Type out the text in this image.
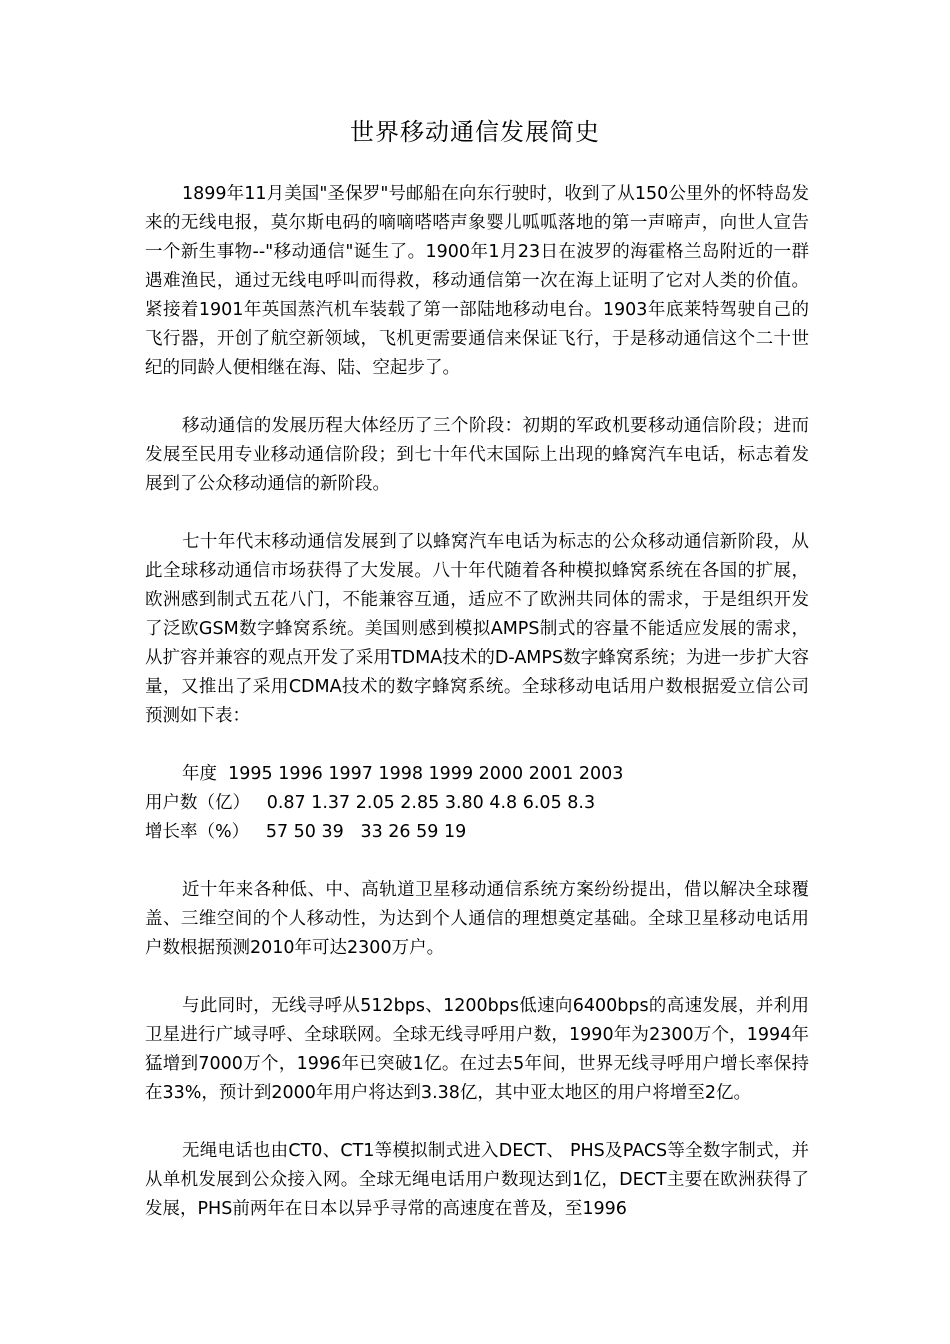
世界移动通信发展简史

1899年11月美国"圣保罗"号邮船在向东行驶时，收到了从150公里外的怀特岛发来的无线电报，莫尔斯电码的嘀嘀嗒嗒声象婴儿呱呱落地的第一声啼声，向世人宣告一个新生事物--"移动通信"诞生了。1900年1月23日在波罗的海霍格兰岛附近的一群遇难渔民，通过无线电呼叫而得救，移动通信第一次在海上证明了它对人类的价值。紧接着1901年英国蒸汽机车装载了第一部陆地移动电台。1903年底莱特驾驶自己的飞行器，开创了航空新领域，飞机更需要通信来保证飞行，于是移动通信这个二十世纪的同龄人便相继在海、陆、空起步了。

移动通信的发展历程大体经历了三个阶段：初期的军政机要移动通信阶段；进而发展至民用专业移动通信阶段；到七十年代末国际上出现的蜂窝汽车电话，标志着发展到了公众移动通信的新阶段。

七十年代末移动通信发展到了以蜂窝汽车电话为标志的公众移动通信新阶段，从此全球移动通信市场获得了大发展。八十年代随着各种模拟蜂窝系统在各国的扩展，欧洲感到制式五花八门，不能兼容互通，适应不了欧洲共同体的需求，于是组织开发了泛欧GSM数字蜂窝系统。美国则感到模拟AMPS制式的容量不能适应发展的需求，从扩容并兼容的观点开发了采用TDMA技术的D-AMPS数字蜂窝系统；为进一步扩大容量，又推出了采用CDMA技术的数字蜂窝系统。全球移动电话用户数根据爱立信公司预测如下表：

年度
1995 1996 1997 1998 1999 2000 2001 2003
用户数（亿）
0.87 1.37 2.05 2.85 3.80 4.8 6.05 8.3
增长率（%）
57 50 39   33 26 59 19

近十年来各种低、中、高轨道卫星移动通信系统方案纷纷提出，借以解决全球覆盖、三维空间的个人移动性，为达到个人通信的理想奠定基础。全球卫星移动电话用户数根据预测2010年可达2300万户。

与此同时，无线寻呼从512bps、1200bps低速向6400bps的高速发展，并利用卫星进行广域寻呼、全球联网。全球无线寻呼用户数，1990年为2300万个，1994年猛增到7000万个，1996年已突破1亿。在过去5年间，世界无线寻呼用户增长率保持在33%，预计到2000年用户将达到3.38亿，其中亚太地区的用户将增至2亿。

无绳电话也由CT0、CT1等模拟制式进入DECT、 PHS及PACS等全数字制式，并从单机发展到公众接入网。全球无绳电话用户数现达到1亿，DECT主要在欧洲获得了发展，PHS前两年在日本以异乎寻常的高速度在普及，至1996
